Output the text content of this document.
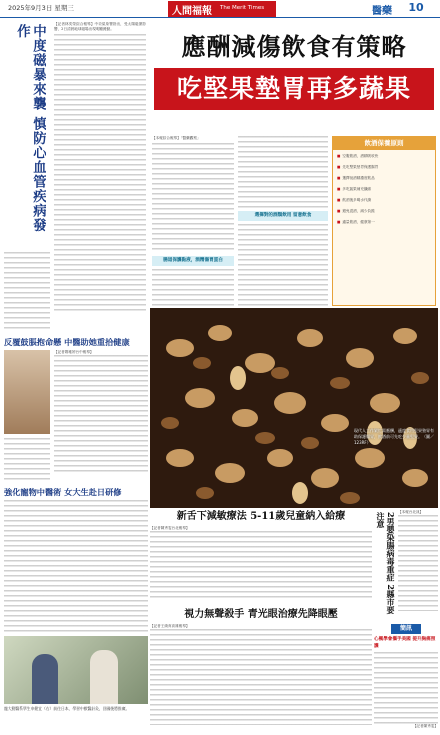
2025年9月3日 星期三	人間福報 The Merit Times	醫藥 10
中度磁暴來襲 慎防心血管疾病發作	【記者林奕榮綜合報導】中央氣象署指出，受太陽磁暴影響，2日清晨地球磁場出現明顯擾動。
應酬減傷飲食有策略
吃堅果墊胃再多蔬果
【本報綜合報導】「醫藥觀察」
腸道保護黏液，酒精傷胃蛋白
選擇對的酒類飲用 留意飲食
飲酒保養原則
■ 空腹飲酒，酒精吸收快
■ 先吃堅果墊胃保護腸胃
■ 選擇低酒精濃度飲品
■ 多吃蔬果補充纖維
■ 飲酒後多喝水代謝
■ 避免混酒，減少負擔
■ 適量飲酒，健康第一
現代人工作繁忙需應酬，適度食用堅果墊胃有助保護腸胃，飲酒前可先吃少量堅果。（圖／123RF）
反覆鼓脹抱命懸 中醫助她重拾健康
【記者鄭雅婷台中報導】
強化寵物中醫術 女大生赴日研修
龍大動醫系學生申健宜（右）前往日本，學習中獸醫針灸，回國後將推廣。
新舌下減敏療法 5-11歲兒童納入給療
【記者陳秀雯台北報導】	2男嬰染腸病毒重症 2縣市要注意	【本報台北訊】
視力無聲殺手 青光眼治療先降眼壓
【記者王綺育高雄報導】	簡訊
心楓學會攜手美國 提升胸痛照護
【記者陳秀雯】
